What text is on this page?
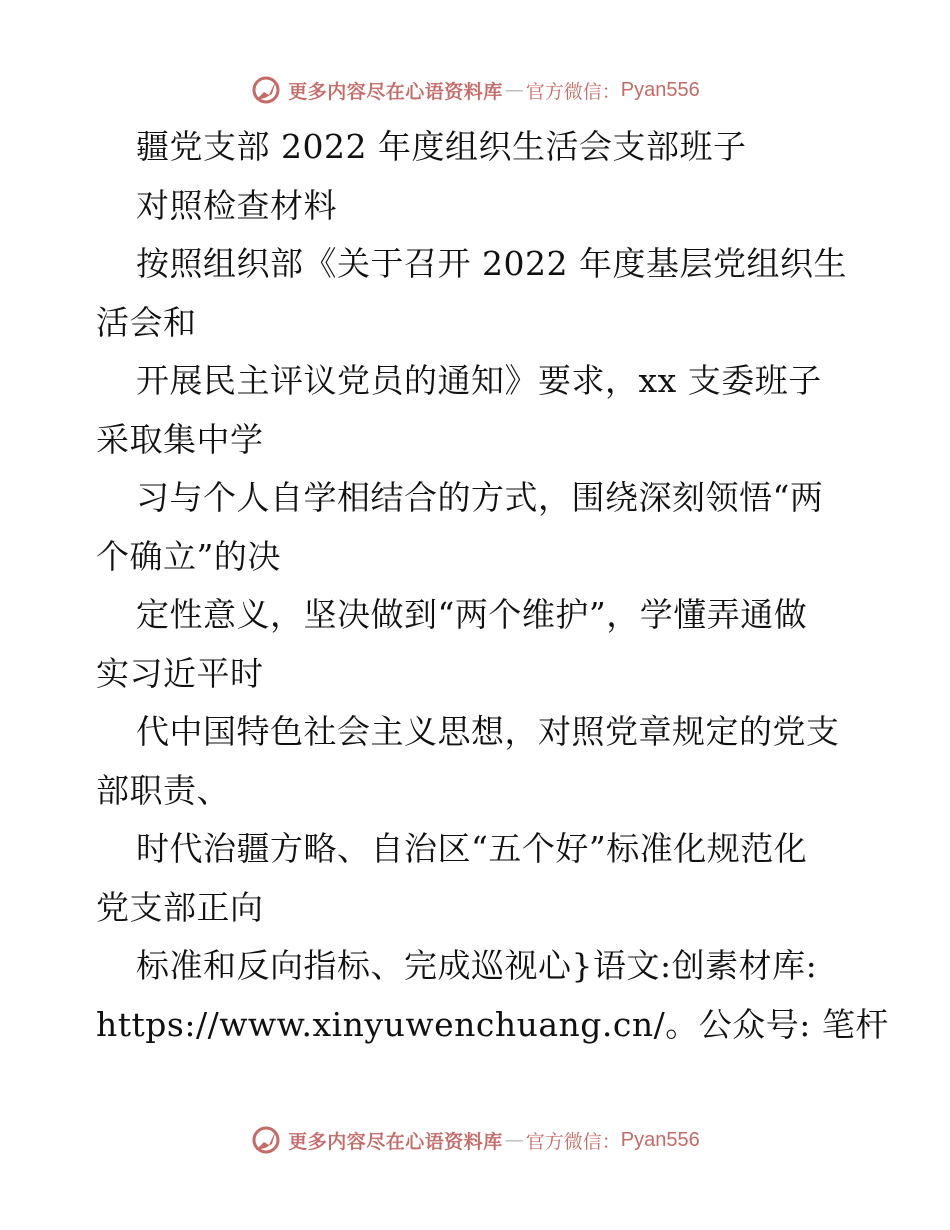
更多内容尽在心语资料库 — 官方微信： Pyan556
疆党支部 2022 年度组织生活会支部班子
对照检查材料
按照组织部《关于召开 2022 年度基层党组织生
活会和
开展民主评议党员的通知》要求，xx 支委班子
采取集中学
习与个人自学相结合的方式，围绕深刻领悟“两
个确立”的决
定性意义，坚决做到“两个维护”，学懂弄通做
实习近平时
代中国特色社会主义思想，对照党章规定的党支
部职责、
时代治疆方略、自治区“五个好”标准化规范化
党支部正向
标准和反向指标、完成巡视心}语文:创素材库:
https://www.xinyuwenchuang.cn/。公众号: 笔杆
更多内容尽在心语资料库 — 官方微信： Pyan556
